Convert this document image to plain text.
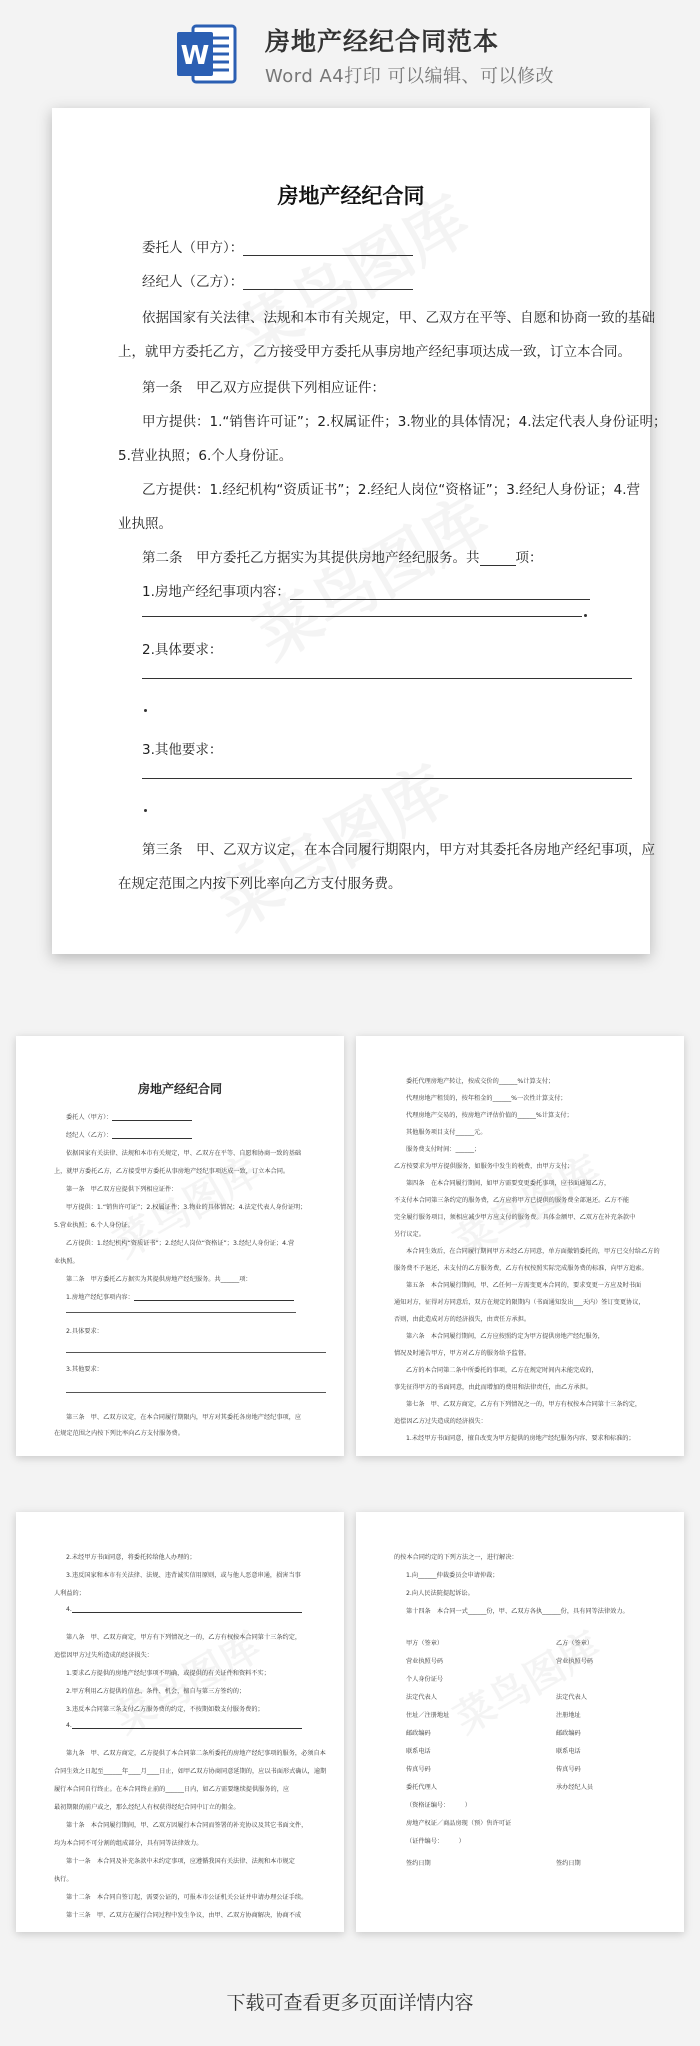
W 房地产经纪合同范本
Word A4打印 可以编辑、可以修改
房地产经纪合同
委托人（甲方）：
经纪人（乙方）：
依据国家有关法律、法规和本市有关规定，甲、乙双方在平等、自愿和协商一致的基础
上，就甲方委托乙方，乙方接受甲方委托从事房地产经纪事项达成一致，订立本合同。
第一条　甲乙双方应提供下列相应证件：
甲方提供：1.“销售许可证”；2.权属证件；3.物业的具体情况；4.法定代表人身份证明；
5.营业执照；6.个人身份证。
乙方提供：1.经纪机构“资质证书”；2.经纪人岗位“资格证”；3.经纪人身份证；4.营
业执照。
第二条　甲方委托乙方据实为其提供房地产经纪服务。共	项：
1.房地产经纪事项内容：
2.具体要求：
3.其他要求：
第三条　甲、乙双方议定，在本合同履行期限内，甲方对其委托各房地产经纪事项，应
在规定范围之内按下列比率向乙方支付服务费。
房地产经纪合同
委托人（甲方）：
经纪人（乙方）：
依据国家有关法律、法规和本市有关规定，甲、乙双方在平等、自愿和协商一致的基础
上，就甲方委托乙方，乙方接受甲方委托从事房地产经纪事项达成一致，订立本合同。
第一条　甲乙双方应提供下列相应证件：
甲方提供：1.“销售许可证”；2.权属证件；3.物业的具体情况；4.法定代表人身份证明；
5.营业执照；6.个人身份证。
乙方提供：1.经纪机构“资质证书”；2.经纪人岗位“资格证”；3.经纪人身份证；4.营
业执照。
第二条　甲方委托乙方据实为其提供房地产经纪服务。共______项：
1.房地产经纪事项内容：
2.具体要求：
3.其他要求：
第三条　甲、乙双方议定，在本合同履行期限内，甲方对其委托各房地产经纪事项，应
在规定范围之内按下列比率向乙方支付服务费。
委托代理房地产转让，按成交价的______%计算支付；
代理房地产租赁的，按年租金的______%一次性计算支付；
代理房地产交易的，按房地产评估价值的______%计算支付；
其他服务项目支付______元。
服务费支付时间：______；
乙方按要求为甲方提供服务，如服务中发生的税费，由甲方支付；
第四条　在本合同履行期间，如甲方需要变更委托事项，应书面通知乙方，
不支付本合同第三条约定的服务费，乙方应将甲方已提供的服务费全部退还。乙方不能
完全履行服务项目，须相应减少甲方应支付的服务费。具体金额甲、乙双方在补充条款中
另行议定。
本合同生效后，在合同履行期间甲方未经乙方同意，单方面撤销委托的，甲方已交付给乙方的
服务费不予退还，未支付的乙方服务费，乙方有权按照实际完成服务费的标准，向甲方追索。
第五条　本合同履行期间，甲、乙任何一方需变更本合同的，要求变更一方应及时书面
通知对方，征得对方同意后，双方在规定的限期内（书面通知发出___天内）签订变更协议，
否则，由此造成对方的经济损失，由责任方承担。
第六条　本合同履行期间，乙方应按照约定为甲方提供房地产经纪服务，
情况及时通告甲方，甲方对乙方的服务给予监督。
乙方的本合同第二条中所委托的事项，乙方在规定时间内未能完成的，
事先征得甲方的书面同意，由此而增加的费用和法律责任，由乙方承担。
第七条　甲、乙双方商定，乙方有下列情况之一的，甲方有权按本合同第十三条约定，
追偿因乙方过失造成的经济损失：
1.未经甲方书面同意，擅自改变为甲方提供的房地产经纪服务内容、要求和标准的；
2.未经甲方书面同意，将委托转给他人办理的；
3.违反国家和本市有关法律、法规、违背诚实信用原则，或与他人恶意串通，损害当事
人利益的；
4.
第八条　甲、乙双方商定，甲方有下列情况之一的，乙方有权按本合同第十三条约定，
追偿因甲方过失所造成的经济损失：
1.要求乙方提供的房地产经纪事项不明确，或提供的有关证件和资料不实；
2.甲方利用乙方提供的信息、条件、机会，擅自与第三方签约的；
3.违反本合同第三条支付乙方服务费的约定，不按期如数支付服务费的；
4.
第九条　甲、乙双方商定，乙方提供了本合同第二条所委托的房地产经纪事项的服务，必须自本
合同生效之日起至______年____月____日止，如甲乙双方协商同意延期的，应以书面形式确认，逾期
履行本合同自行终止。在本合同终止前的______日内，如乙方需要继续提供服务的，应
最初期限的前户或之，那么经纪人有权获得经纪合同中订立的佣金。
第十条　本合同履行期间，甲、乙双方因履行本合同而签署的补充协议及其它书面文件，
均为本合同不可分割的组成部分，具有同等法律效力。
第十一条　本合同及补充条款中未约定事项，应遵循我国有关法律、法规和本市规定
执行。
第十二条　本合同自签订起，需要公证的，可报本市公证机关公证并申请办理公证手续。
第十三条　甲、乙双方在履行合同过程中发生争议，由甲、乙双方协商解决，协商不成
的按本合同约定的下列方法之一，进行解决：
1.向______仲裁委员会申请仲裁；
2.向人民法院提起诉讼。
第十四条　本合同一式______份，甲、乙双方各执______份，具有同等法律效力。
甲方（签章）
营业执照号码
个人身份证号
法定代表人
住址／注册地址
邮政编码
联系电话
传真号码
委托代理人
（资格证编号：　　　）
房地产权证／商品房现（预）售许可证
（证件编号：　　　）
签约日期
乙方（签章）
营业执照号码
法定代表人
注册地址
邮政编码
联系电话
传真号码
承办经纪人员
签约日期
下载可查看更多页面详情内容
